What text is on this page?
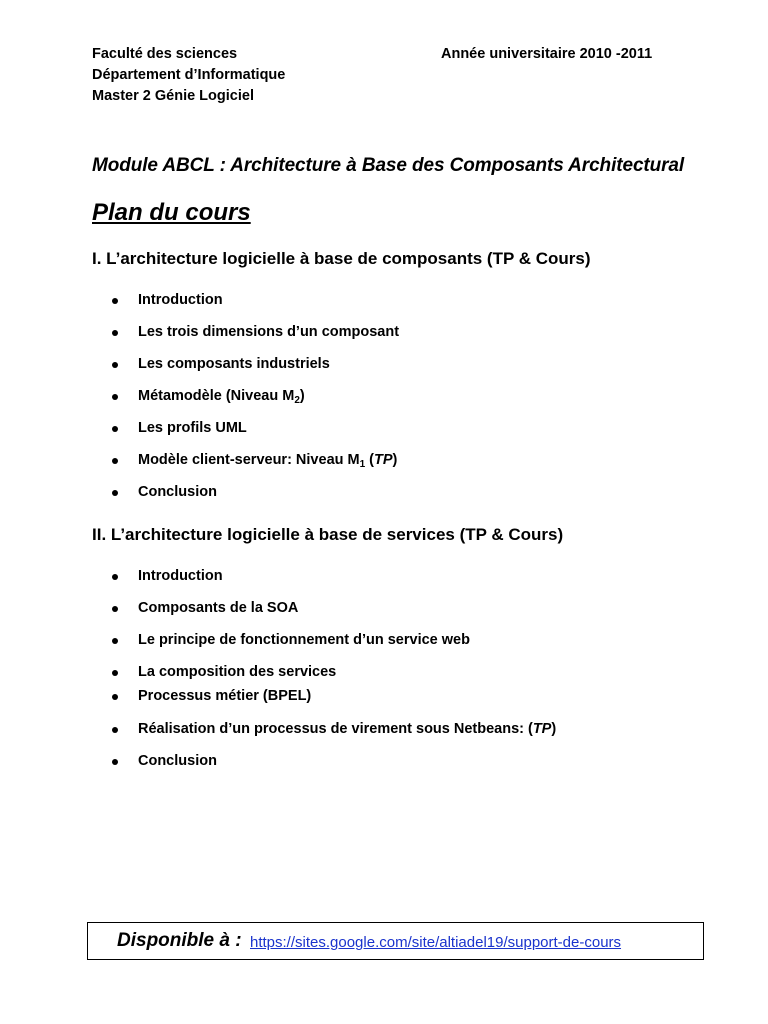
Faculté des sciences
Département d’Informatique
Master 2 Génie Logiciel
Année universitaire 2010 -2011
Module ABCL : Architecture à Base des Composants Architectural
Plan du cours
I. L’architecture logicielle à base de composants (TP & Cours)
Introduction
Les trois dimensions d’un composant
Les composants industriels
Métamodèle (Niveau $M_2$)
Les profils UML
Modèle client-serveur: Niveau $M_1$ (TP)
Conclusion
II. L’architecture logicielle à base de services (TP & Cours)
Introduction
Composants de la SOA
Le principe de fonctionnement d’un service web
La composition des services
Processus métier (BPEL)
Réalisation d’un processus de virement sous Netbeans: (TP)
Conclusion
Disponible à : https://sites.google.com/site/altiadel19/support-de-cours
